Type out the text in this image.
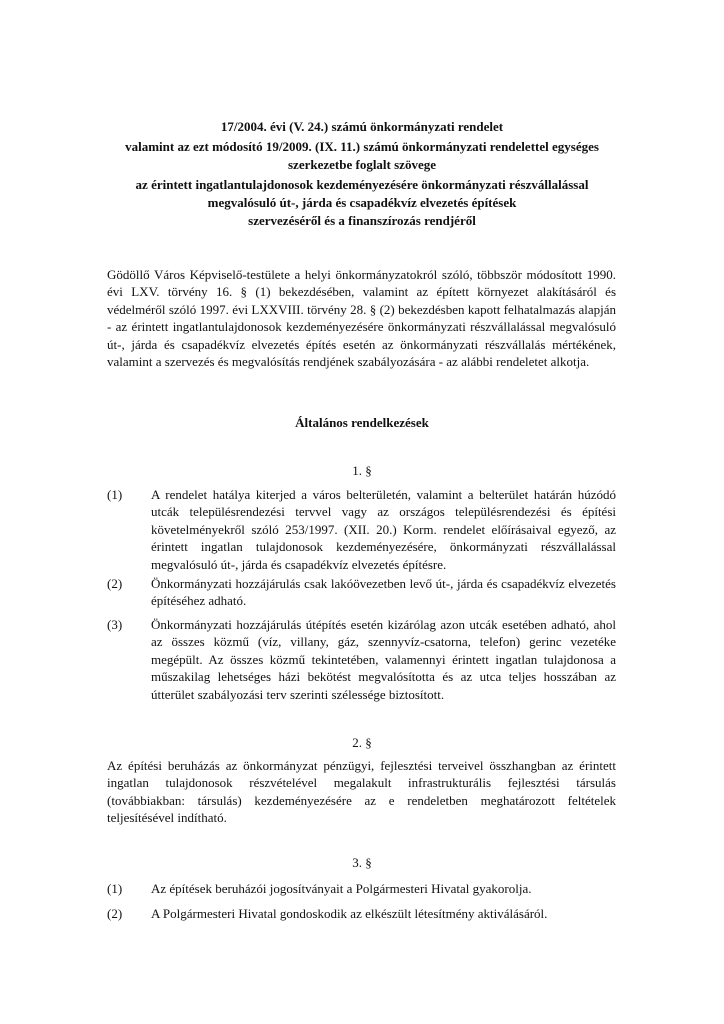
17/2004. évi (V. 24.) számú önkormányzati rendelet
valamint az ezt módosító 19/2009. (IX. 11.) számú önkormányzati rendelettel egységes
szerkezetbe foglalt szövege
az érintett ingatlantulajdonosok kezdeményezésére önkormányzati részvállalással
megvalósuló út-, járda és csapadékvíz elvezetés építések
szervezéséről és a finanszírozás rendjéről
Gödöllő Város Képviselő-testülete a helyi önkormányzatokról szóló, többször módosított 1990. évi LXV. törvény 16. § (1) bekezdésében, valamint az épített környezet alakításáról és védelméről szóló 1997. évi LXXVIII. törvény 28. § (2) bekezdésben kapott felhatalmazás alapján - az érintett ingatlantulajdonosok kezdeményezésére önkormányzati részvállalással megvalósuló út-, járda és csapadékvíz elvezetés építés esetén az önkormányzati részvállalás mértékének, valamint a szervezés és megvalósítás rendjének szabályozására - az alábbi rendeletet alkotja.
Általános rendelkezések
1. §
(1)	A rendelet hatálya kiterjed a város belterületén, valamint a belterület határán húzódó utcák településrendezési tervvel vagy az országos településrendezési és építési követelményekről szóló 253/1997. (XII. 20.) Korm. rendelet előírásaival egyező, az érintett ingatlan tulajdonosok kezdeményezésére, önkormányzati részvállalással megvalósuló út-, járda és csapadékvíz elvezetés építésre.
(2)	Önkormányzati hozzájárulás csak lakóövezetben levő út-, járda és csapadékvíz elvezetés építéséhez adható.
(3)	Önkormányzati hozzájárulás útépítés esetén kizárólag azon utcák esetében adható, ahol az összes közmű (víz, villany, gáz, szennyvíz-csatorna, telefon) gerinc vezetéke megépült. Az összes közmű tekintetében, valamennyi érintett ingatlan tulajdonosa a műszakilag lehetséges házi bekötést megvalósította és az utca teljes hosszában az útterület szabályozási terv szerinti szélessége biztosított.
2. §
Az építési beruházás az önkormányzat pénzügyi, fejlesztési terveivel összhangban az érintett ingatlan tulajdonosok részvételével megalakult infrastrukturális fejlesztési társulás (továbbiakban: társulás) kezdeményezésére az e rendeletben meghatározott feltételek teljesítésével indítható.
3. §
(1)	Az építések beruházói jogosítványait a Polgármesteri Hivatal gyakorolja.
(2)	A Polgármesteri Hivatal gondoskodik az elkészült létesítmény aktiválásáról.
